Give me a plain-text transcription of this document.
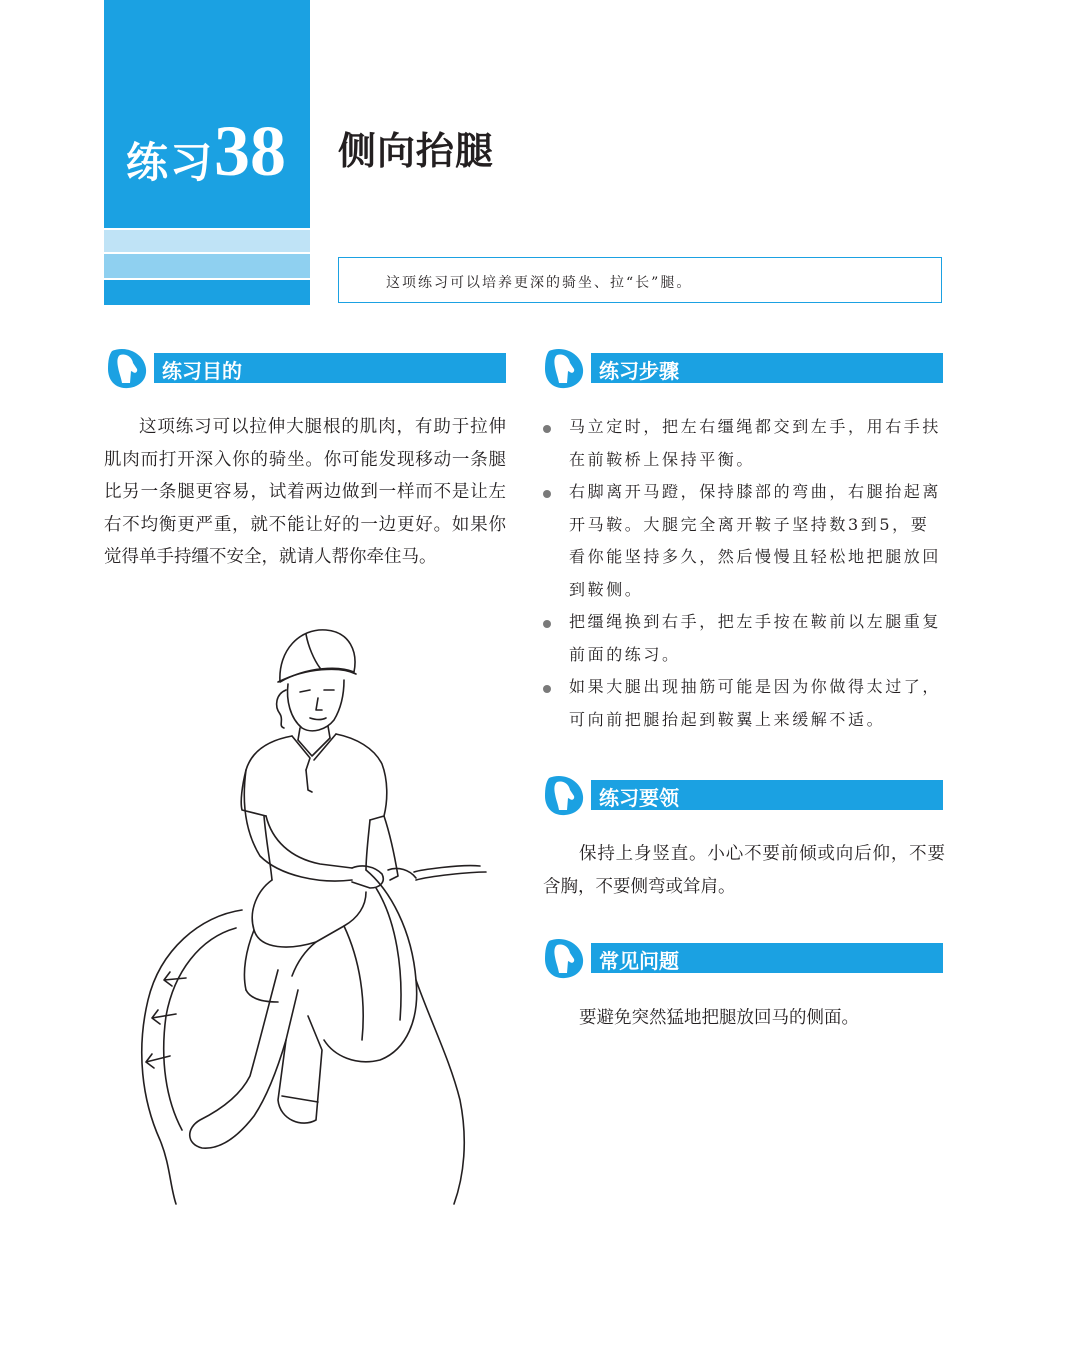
练习 38 侧向抬腿
这项练习可以培养更深的骑坐、拉“长”腿。
练习目的
这项练习可以拉伸大腿根的肌肉，有助于拉伸肌肉而打开深入你的骑坐。你可能发现移动一条腿比另一条腿更容易，试着两边做到一样而不是让左右不均衡更严重，就不能让好的一边更好。如果你觉得单手持缰不安全，就请人帮你牵住马。
练习步骤
马立定时，把左右缰绳都交到左手，用右手扶在前鞍桥上保持平衡。
右脚离开马蹬，保持膝部的弯曲，右腿抬起离开马鞍。大腿完全离开鞍子坚持数3到5，要看你能坚持多久，然后慢慢且轻松地把腿放回到鞍侧。
把缰绳换到右手，把左手按在鞍前以左腿重复前面的练习。
如果大腿出现抽筋可能是因为你做得太过了，可向前把腿抬起到鞍翼上来缓解不适。
练习要领
保持上身竖直。小心不要前倾或向后仰，不要含胸，不要侧弯或耸肩。
常见问题
要避免突然猛地把腿放回马的侧面。
